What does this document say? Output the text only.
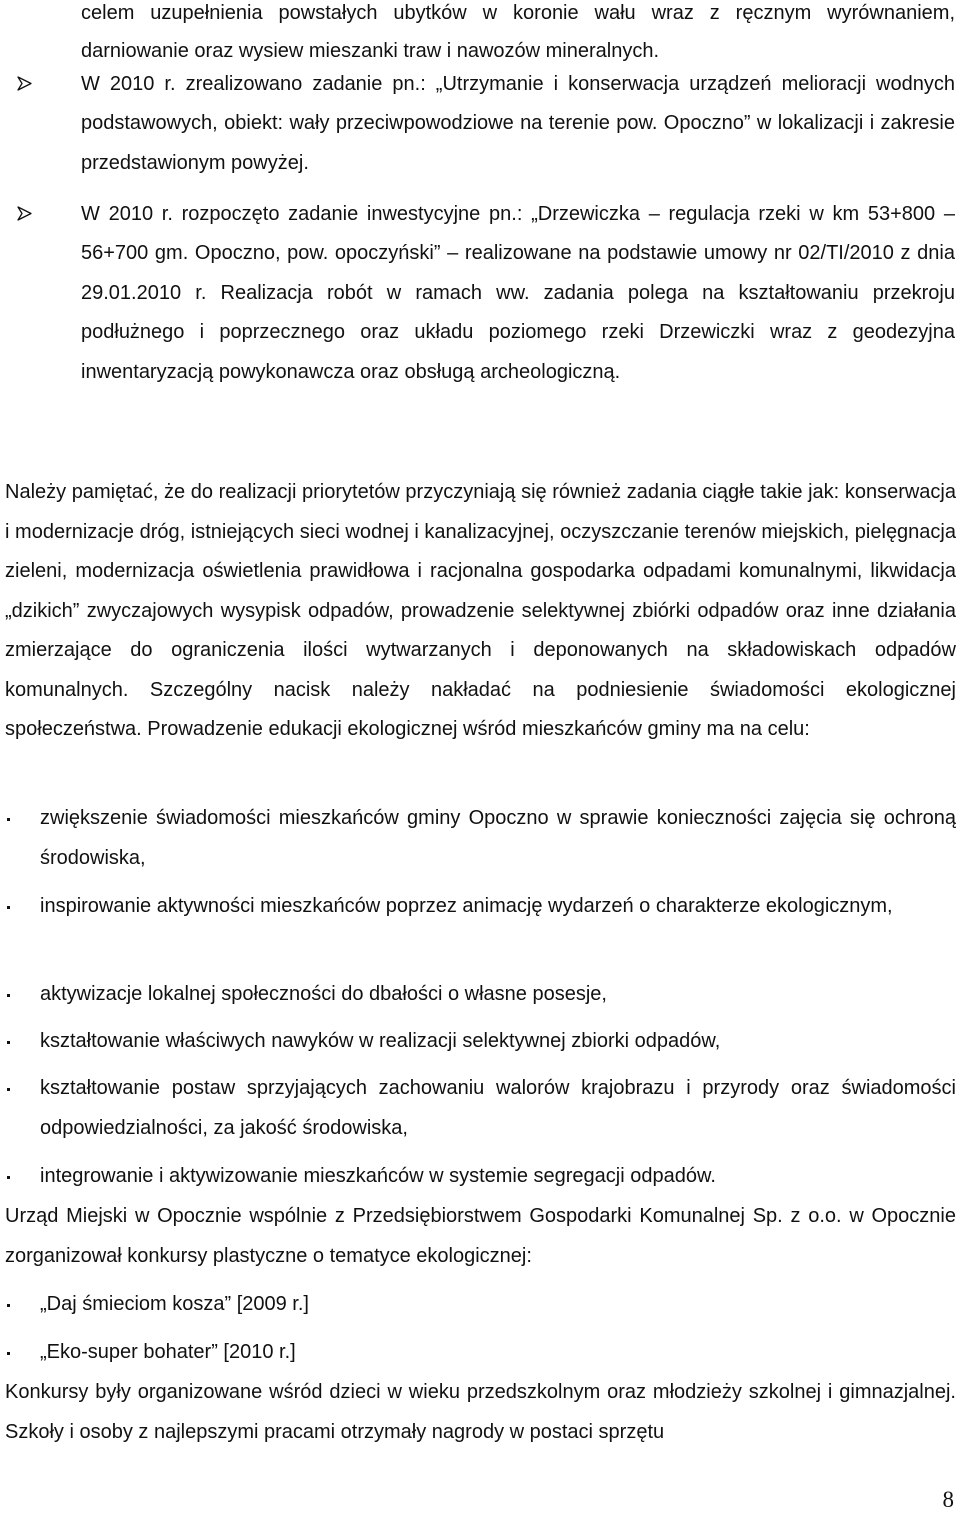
celem uzupełnienia powstałych ubytków w koronie wału wraz z ręcznym wyrównaniem, darniowanie oraz wysiew mieszanki traw i nawozów mineralnych.

W 2010 r. zrealizowano zadanie pn.: „Utrzymanie i konserwacja urządzeń melioracji wodnych podstawowych, obiekt: wały przeciwpowodziowe na terenie pow. Opoczno” w lokalizacji i zakresie przedstawionym powyżej.
W 2010 r. rozpoczęto zadanie inwestycyjne pn.: „Drzewiczka – regulacja rzeki w km 53+800 – 56+700 gm. Opoczno, pow. opoczyński” – realizowane na podstawie umowy nr 02/TI/2010 z dnia 29.01.2010 r. Realizacja robót w ramach ww. zadania polega na kształtowaniu przekroju podłużnego i poprzecznego oraz układu poziomego rzeki Drzewiczki wraz z geodezyjna inwentaryzacją powykonawcza oraz obsługą archeologiczną.

Należy pamiętać, że do realizacji priorytetów przyczyniają się również zadania ciągłe takie jak: konserwacja i modernizacje dróg, istniejących sieci wodnej i kanalizacyjnej, oczyszczanie terenów miejskich, pielęgnacja zieleni, modernizacja oświetlenia prawidłowa i racjonalna gospodarka odpadami komunalnymi, likwidacja „dzikich” zwyczajowych wysypisk odpadów, prowadzenie selektywnej zbiórki odpadów oraz inne działania zmierzające do ograniczenia ilości wytwarzanych i deponowanych na składowiskach odpadów komunalnych. Szczególny nacisk należy nakładać na podniesienie świadomości ekologicznej społeczeństwa. Prowadzenie edukacji ekologicznej wśród mieszkańców gminy ma na celu:

zwiększenie świadomości mieszkańców gminy Opoczno w sprawie konieczności zajęcia się ochroną środowiska,
inspirowanie aktywności mieszkańców poprzez animację wydarzeń o charakterze ekologicznym,
aktywizacje lokalnej społeczności do dbałości o własne posesje,
kształtowanie właściwych nawyków w realizacji selektywnej zbiorki odpadów,
kształtowanie postaw sprzyjających zachowaniu walorów krajobrazu i przyrody oraz świadomości odpowiedzialności, za jakość środowiska,
integrowanie i aktywizowanie mieszkańców w systemie segregacji odpadów.

Urząd Miejski w Opocznie wspólnie z Przedsiębiorstwem Gospodarki Komunalnej Sp. z o.o. w Opocznie zorganizował konkursy plastyczne o tematyce ekologicznej:

„Daj śmieciom kosza” [2009 r.]
„Eko-super bohater” [2010 r.]

Konkursy były organizowane wśród dzieci w wieku przedszkolnym oraz młodzieży szkolnej i gimnazjalnej. Szkoły i osoby z najlepszymi pracami otrzymały nagrody w postaci sprzętu

8
